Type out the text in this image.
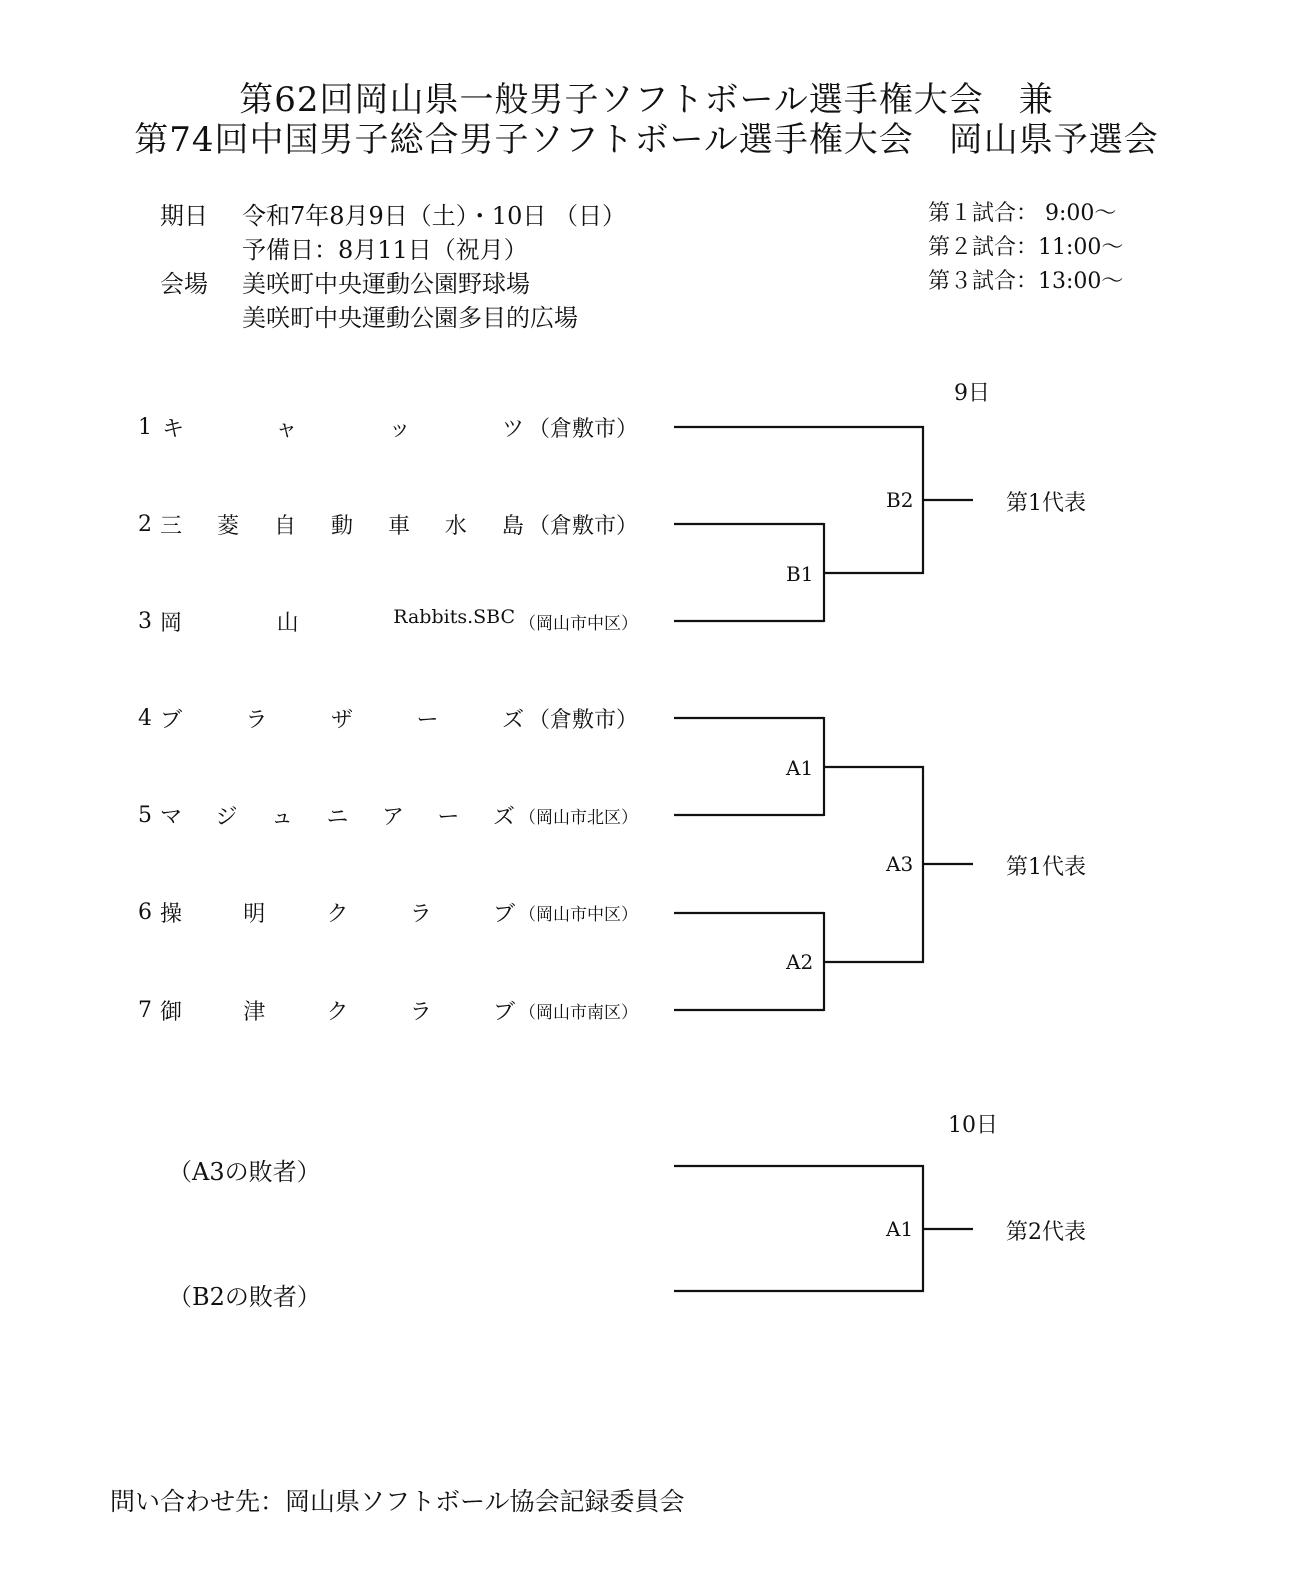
第62回岡山県一般男子ソフトボール選手権大会　兼
第74回中国男子総合男子ソフトボール選手権大会　岡山県予選会
期日 令和7年8月9日（土）・10日 （日）
予備日：8月11日（祝月）
会場 美咲町中央運動公園野球場
美咲町中央運動公園多目的広場
第１試合： 9:00～
第２試合：11:00～
第３試合：13:00～
9日
10日
1 キ	ャ	ッ	ツ （倉敷市）
2 三 菱 自 動 車 水 島 （倉敷市）
3 岡	山	Rabbits.SBC （岡山市中区）
4 ブ	ラ	ザ	ー	ズ （倉敷市）
5 マ ジ ュ ニ ア ー ズ （岡山市北区）
6 操	明	ク	ラ	ブ （岡山市中区）
7 御	津	ク	ラ	ブ （岡山市南区）
（A3の敗者）
（B2の敗者）
B2
B1
A1
A3
A2
A1
第1代表
第1代表
第2代表
問い合わせ先：岡山県ソフトボール協会記録委員会
